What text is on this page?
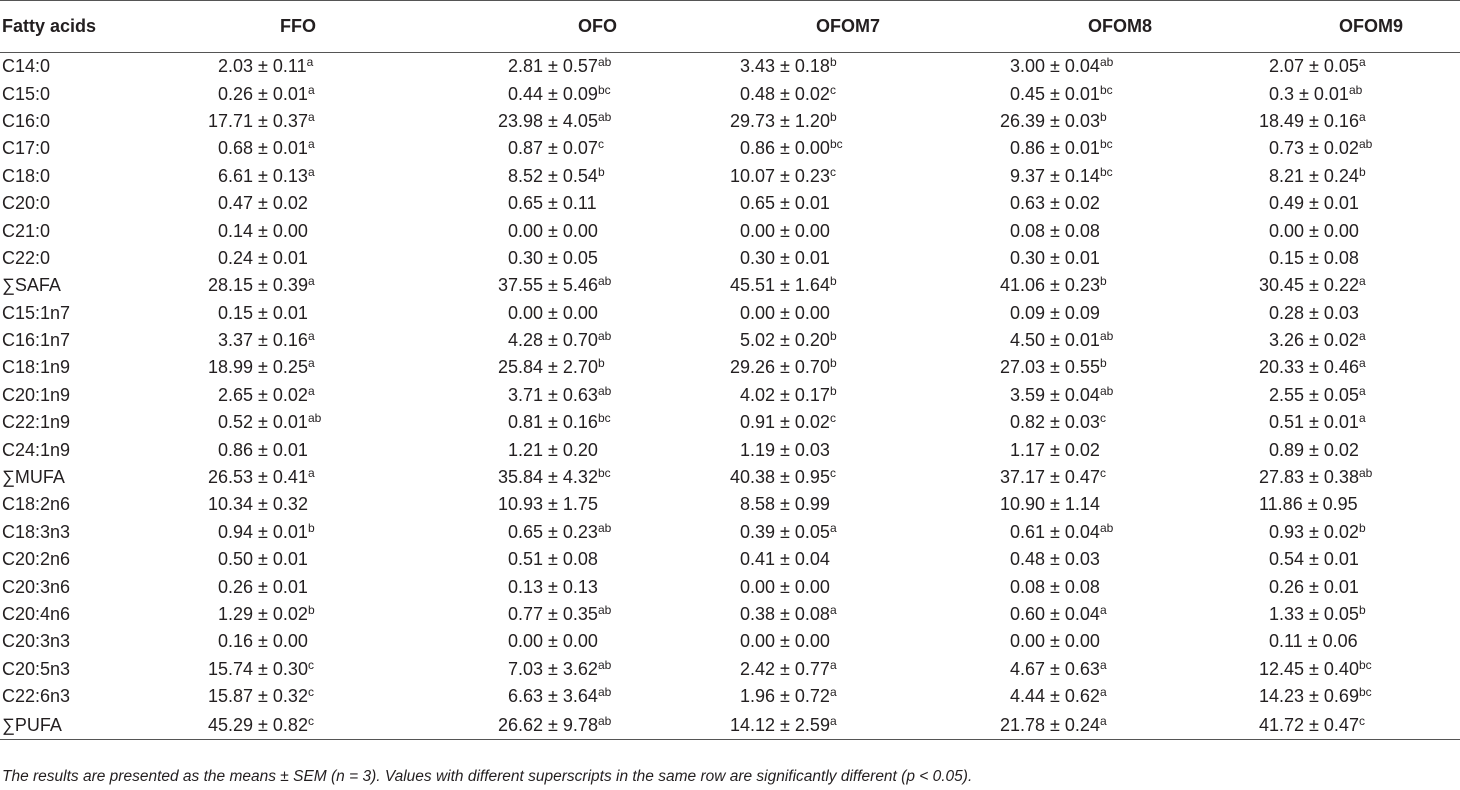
Fatty acids	FFO	OFO	OFOM7	OFOM8	OFOM9
C14:0	2.03 ± 0.11$^a$	2.81 ± 0.57$^{ab}$	3.43 ± 0.18$^b$	3.00 ± 0.04$^{ab}$	2.07 ± 0.05$^a$
C15:0	0.26 ± 0.01$^a$	0.44 ± 0.09$^{bc}$	0.48 ± 0.02$^c$	0.45 ± 0.01$^{bc}$	0.3 ± 0.01$^{ab}$
C16:0	17.71 ± 0.37$^a$	23.98 ± 4.05$^{ab}$	29.73 ± 1.20$^b$	26.39 ± 0.03$^b$	18.49 ± 0.16$^a$
C17:0	0.68 ± 0.01$^a$	0.87 ± 0.07$^c$	0.86 ± 0.00$^{bc}$	0.86 ± 0.01$^{bc}$	0.73 ± 0.02$^{ab}$
C18:0	6.61 ± 0.13$^a$	8.52 ± 0.54$^b$	10.07 ± 0.23$^c$	9.37 ± 0.14$^{bc}$	8.21 ± 0.24$^b$
C20:0	0.47 ± 0.02	0.65 ± 0.11	0.65 ± 0.01	0.63 ± 0.02	0.49 ± 0.01
C21:0	0.14 ± 0.00	0.00 ± 0.00	0.00 ± 0.00	0.08 ± 0.08	0.00 ± 0.00
C22:0	0.24 ± 0.01	0.30 ± 0.05	0.30 ± 0.01	0.30 ± 0.01	0.15 ± 0.08
∑SAFA	28.15 ± 0.39$^a$	37.55 ± 5.46$^{ab}$	45.51 ± 1.64$^b$	41.06 ± 0.23$^b$	30.45 ± 0.22$^a$
C15:1n7	0.15 ± 0.01	0.00 ± 0.00	0.00 ± 0.00	0.09 ± 0.09	0.28 ± 0.03
C16:1n7	3.37 ± 0.16$^a$	4.28 ± 0.70$^{ab}$	5.02 ± 0.20$^b$	4.50 ± 0.01$^{ab}$	3.26 ± 0.02$^a$
C18:1n9	18.99 ± 0.25$^a$	25.84 ± 2.70$^b$	29.26 ± 0.70$^b$	27.03 ± 0.55$^b$	20.33 ± 0.46$^a$
C20:1n9	2.65 ± 0.02$^a$	3.71 ± 0.63$^{ab}$	4.02 ± 0.17$^b$	3.59 ± 0.04$^{ab}$	2.55 ± 0.05$^a$
C22:1n9	0.52 ± 0.01$^{ab}$	0.81 ± 0.16$^{bc}$	0.91 ± 0.02$^c$	0.82 ± 0.03$^c$	0.51 ± 0.01$^a$
C24:1n9	0.86 ± 0.01	1.21 ± 0.20	1.19 ± 0.03	1.17 ± 0.02	0.89 ± 0.02
∑MUFA	26.53 ± 0.41$^a$	35.84 ± 4.32$^{bc}$	40.38 ± 0.95$^c$	37.17 ± 0.47$^c$	27.83 ± 0.38$^{ab}$
C18:2n6	10.34 ± 0.32	10.93 ± 1.75	8.58 ± 0.99	10.90 ± 1.14	11.86 ± 0.95
C18:3n3	0.94 ± 0.01$^b$	0.65 ± 0.23$^{ab}$	0.39 ± 0.05$^a$	0.61 ± 0.04$^{ab}$	0.93 ± 0.02$^b$
C20:2n6	0.50 ± 0.01	0.51 ± 0.08	0.41 ± 0.04	0.48 ± 0.03	0.54 ± 0.01
C20:3n6	0.26 ± 0.01	0.13 ± 0.13	0.00 ± 0.00	0.08 ± 0.08	0.26 ± 0.01
C20:4n6	1.29 ± 0.02$^b$	0.77 ± 0.35$^{ab}$	0.38 ± 0.08$^a$	0.60 ± 0.04$^a$	1.33 ± 0.05$^b$
C20:3n3	0.16 ± 0.00	0.00 ± 0.00	0.00 ± 0.00	0.00 ± 0.00	0.11 ± 0.06
C20:5n3	15.74 ± 0.30$^c$	7.03 ± 3.62$^{ab}$	2.42 ± 0.77$^a$	4.67 ± 0.63$^a$	12.45 ± 0.40$^{bc}$
C22:6n3	15.87 ± 0.32$^c$	6.63 ± 3.64$^{ab}$	1.96 ± 0.72$^a$	4.44 ± 0.62$^a$	14.23 ± 0.69$^{bc}$
∑PUFA	45.29 ± 0.82$^c$	26.62 ± 9.78$^{ab}$	14.12 ± 2.59$^a$	21.78 ± 0.24$^a$	41.72 ± 0.47$^c$
The results are presented as the means ± SEM (n = 3). Values with different superscripts in the same row are significantly different (p < 0.05).
